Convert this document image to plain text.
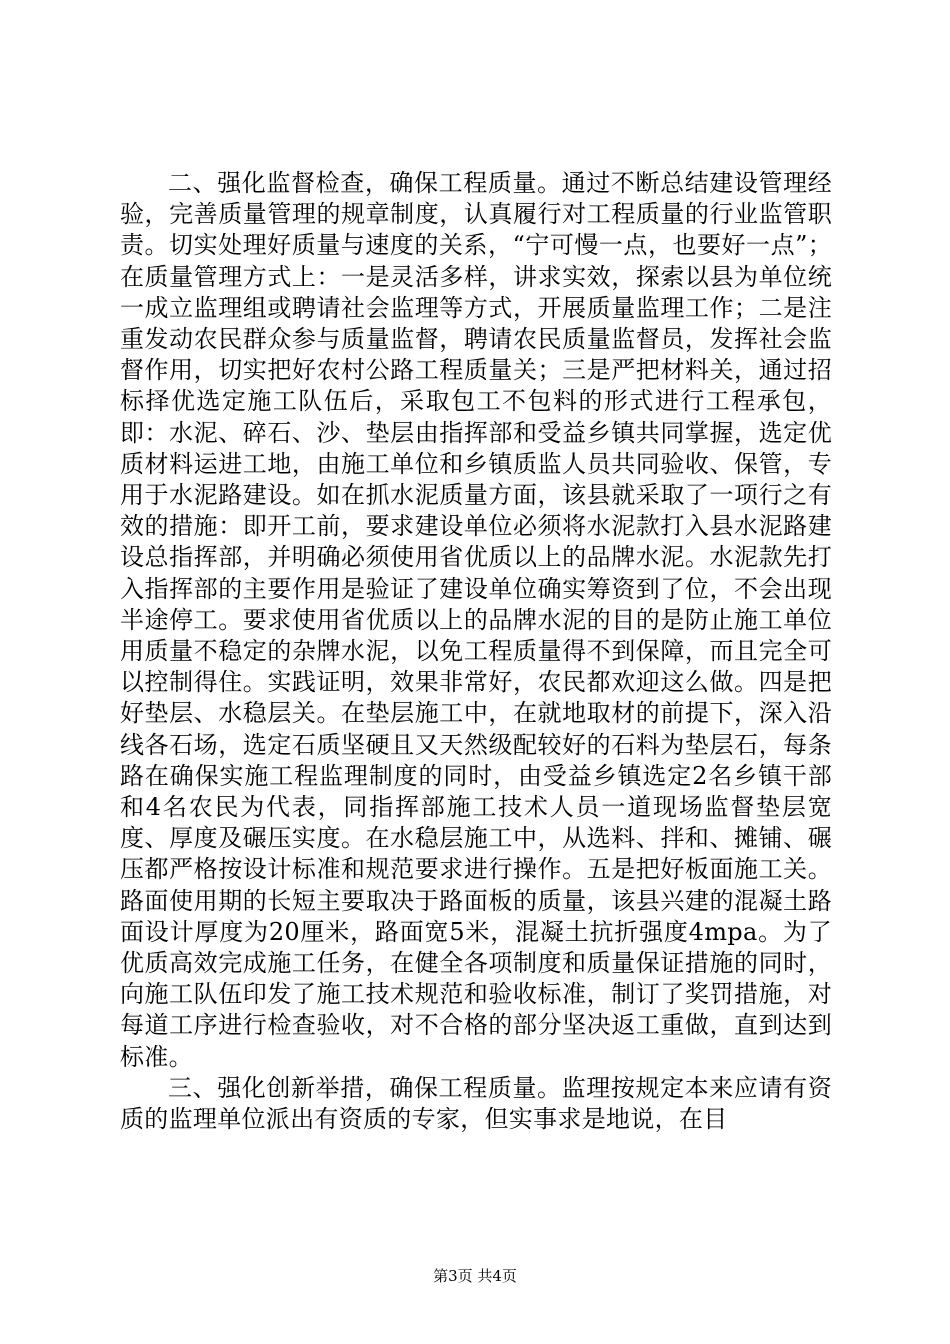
二、强化监督检查，确保工程质量。通过不断总结建设管理经验，完善质量管理的规章制度，认真履行对工程质量的行业监管职责。切实处理好质量与速度的关系，“宁可慢一点，也要好一点”；在质量管理方式上：一是灵活多样，讲求实效，探索以县为单位统一成立监理组或聘请社会监理等方式，开展质量监理工作；二是注重发动农民群众参与质量监督，聘请农民质量监督员，发挥社会监督作用，切实把好农村公路工程质量关；三是严把材料关，通过招标择优选定施工队伍后，采取包工不包料的形式进行工程承包，即：水泥、碎石、沙、垫层由指挥部和受益乡镇共同掌握，选定优质材料运进工地，由施工单位和乡镇质监人员共同验收、保管，专用于水泥路建设。如在抓水泥质量方面，该县就采取了一项行之有效的措施：即开工前，要求建设单位必须将水泥款打入县水泥路建设总指挥部，并明确必须使用省优质以上的品牌水泥。水泥款先打入指挥部的主要作用是验证了建设单位确实筹资到了位，不会出现半途停工。要求使用省优质以上的品牌水泥的目的是防止施工单位用质量不稳定的杂牌水泥，以免工程质量得不到保障，而且完全可以控制得住。实践证明，效果非常好，农民都欢迎这么做。四是把好垫层、水稳层关。在垫层施工中，在就地取材的前提下，深入沿线各石场，选定石质坚硬且又天然级配较好的石料为垫层石，每条路在确保实施工程监理制度的同时，由受益乡镇选定2名乡镇干部和4名农民为代表，同指挥部施工技术人员一道现场监督垫层宽度、厚度及碾压实度。在水稳层施工中，从选料、拌和、摊铺、碾压都严格按设计标准和规范要求进行操作。五是把好板面施工关。路面使用期的长短主要取决于路面板的质量，该县兴建的混凝土路面设计厚度为20厘米，路面宽5米，混凝土抗折强度4mpa。为了优质高效完成施工任务，在健全各项制度和质量保证措施的同时，向施工队伍印发了施工技术规范和验收标准，制订了奖罚措施，对每道工序进行检查验收，对不合格的部分坚决返工重做，直到达到标准。

三、强化创新举措，确保工程质量。监理按规定本来应请有资质的监理单位派出有资质的专家，但实事求是地说，在目

第3页 共4页
